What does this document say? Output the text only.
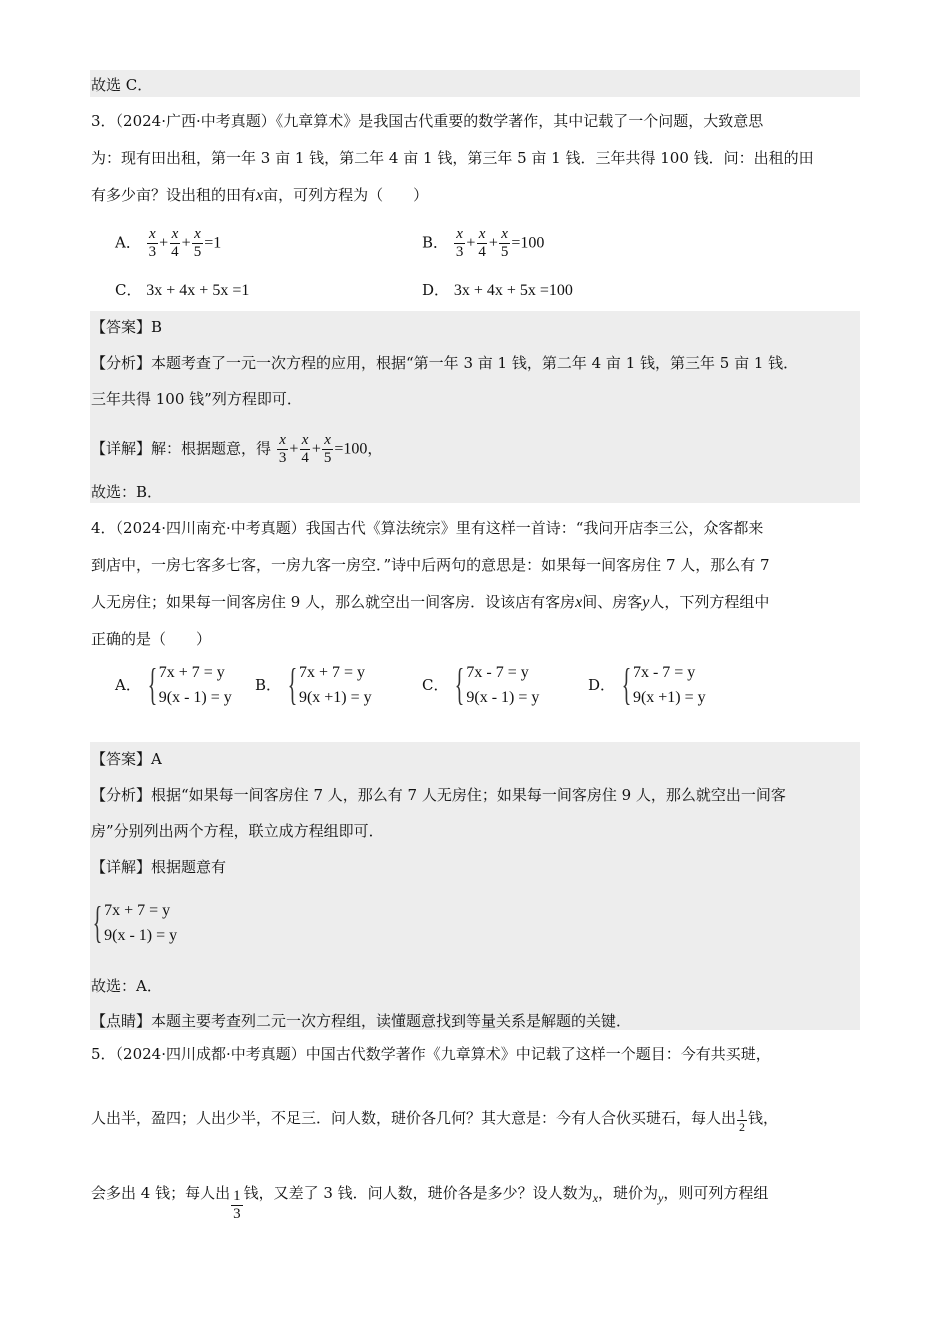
故选 C．
3．（2024·广西·中考真题）《九章算术》是我国古代重要的数学著作，其中记载了一个问题，大致意思
为：现有田出租，第一年 3 亩 1 钱，第二年 4 亩 1 钱，第三年 5 亩 1 钱．三年共得 100 钱．问：出租的田
有多少亩？设出租的田有x亩，可列方程为（　　）
A． $\frac{x}{3} + \frac{x}{4} + \frac{x}{5} =1$	B． $\frac{x}{3} + \frac{x}{4} + \frac{x}{5} =100$
C． 3x + 4x + 5x =1	D． 3x + 4x + 5x =100
【答案】B
【分析】本题考查了一元一次方程的应用，根据“第一年 3 亩 1 钱，第二年 4 亩 1 钱，第三年 5 亩 1 钱．
三年共得 100 钱”列方程即可．
【详解】解：根据题意，得 $\frac{x}{3} + \frac{x}{4} + \frac{x}{5} =100$，
故选：B．
4．（2024·四川南充·中考真题）我国古代《算法统宗》里有这样一首诗：“我问开店李三公，众客都来
到店中，一房七客多七客，一房九客一房空．”诗中后两句的意思是：如果每一间客房住 7 人，那么有 7
人无房住；如果每一间客房住 9 人，那么就空出一间客房．设该店有客房x间、房客y人，下列方程组中
正确的是（　　）
A． { 7x + 7 = y
9(x - 1) = y
B． { 7x + 7 = y
9(x +1) = y
C． { 7x - 7 = y
9(x - 1) = y
D． { 7x - 7 = y
9(x +1) = y
【答案】A
【分析】根据“如果每一间客房住 7 人，那么有 7 人无房住；如果每一间客房住 9 人，那么就空出一间客
房”分别列出两个方程，联立成方程组即可．
【详解】根据题意有
{ 7x + 7 = y
9(x - 1) = y
故选：A．
【点睛】本题主要考查列二元一次方程组，读懂题意找到等量关系是解题的关键．
5．（2024·四川成都·中考真题）中国古代数学著作《九章算术》中记载了这样一个题目：今有共买琎，
人出半，盈四；人出少半，不足三．问人数，琎价各几何？其大意是：今有人合伙买琎石，每人出 $\frac{1}{2}$ 钱，
会多出 4 钱；每人出 $\frac{1}{3}$ 钱，又差了 3 钱．问人数，琎价各是多少？设人数为$_x$，琎价为$_y$，则可列方程组
